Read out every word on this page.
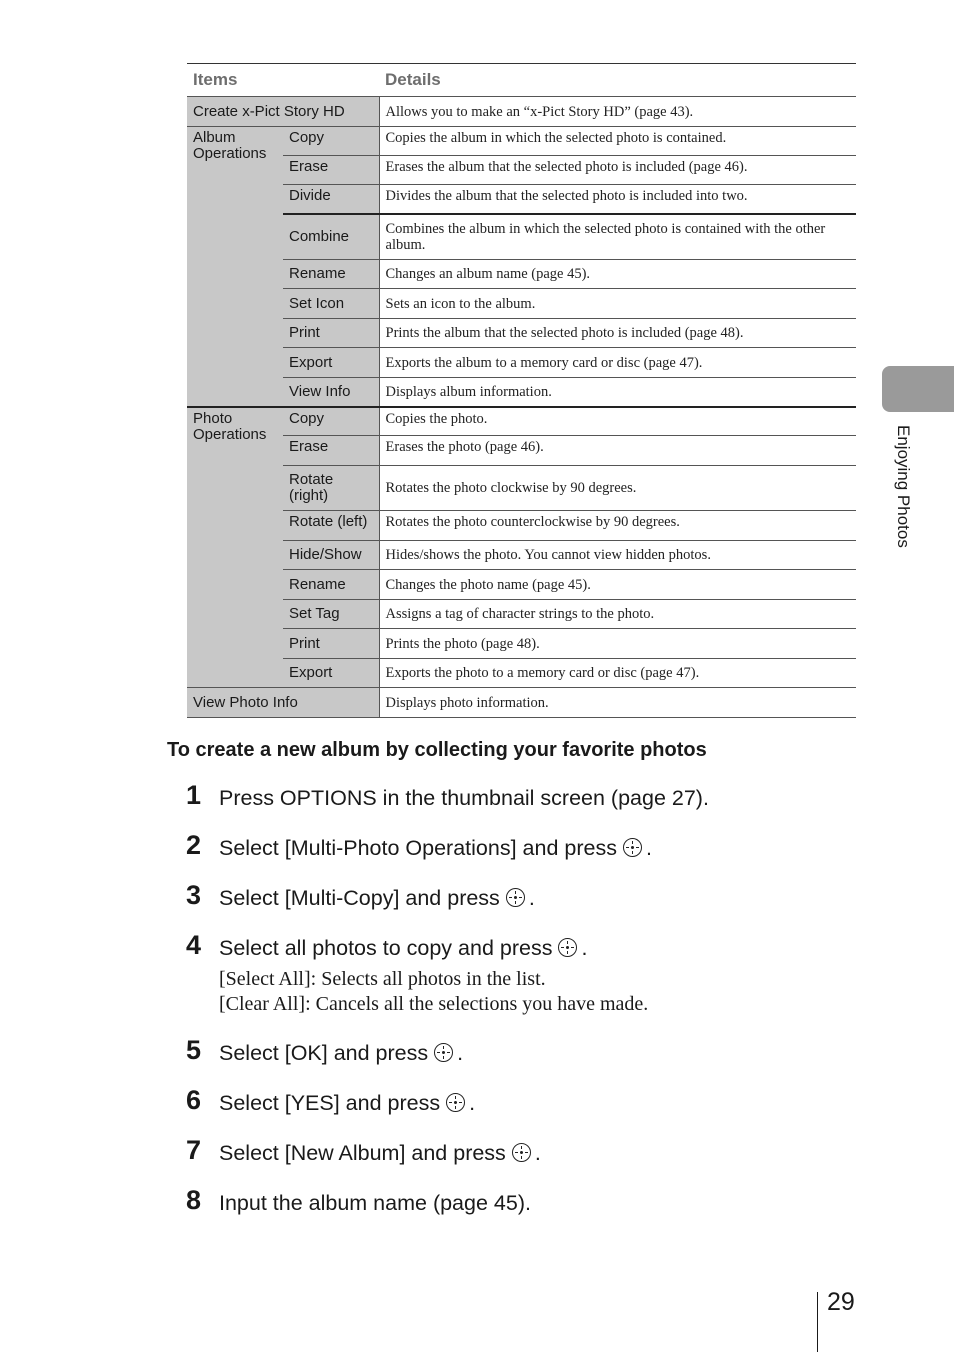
Items		Details
Create x-Pict Story HD		Allows you to make an “x-Pict Story HD” (page 43).
Album Operations	Copy	Copies the album in which the selected photo is contained.
	Erase	Erases the album that the selected photo is included (page 46).
	Divide	Divides the album that the selected photo is included into two.
	Combine	Combines the album in which the selected photo is contained with the other album.
	Rename	Changes an album name (page 45).
	Set Icon	Sets an icon to the album.
	Print	Prints the album that the selected photo is included (page 48).
	Export	Exports the album to a memory card or disc (page 47).
	View Info	Displays album information.
Photo Operations	Copy	Copies the photo.
	Erase	Erases the photo (page 46).
	Rotate (right)	Rotates the photo clockwise by 90 degrees.
	Rotate (left)	Rotates the photo counterclockwise by 90 degrees.
	Hide/Show	Hides/shows the photo. You cannot view hidden photos.
	Rename	Changes the photo name (page 45).
	Set Tag	Assigns a tag of character strings to the photo.
	Print	Prints the photo (page 48).
	Export	Exports the photo to a memory card or disc (page 47).
View Photo Info		Displays photo information.
To create a new album by collecting your favorite photos
1 Press OPTIONS in the thumbnail screen (page 27).
2 Select [Multi-Photo Operations] and press .
3 Select [Multi-Copy] and press .
4 Select all photos to copy and press .
[Select All]: Selects all photos in the list.
[Clear All]: Cancels all the selections you have made.
5 Select [OK] and press .
6 Select [YES] and press .
7 Select [New Album] and press .
8 Input the album name (page 45).
Enjoying Photos
29
